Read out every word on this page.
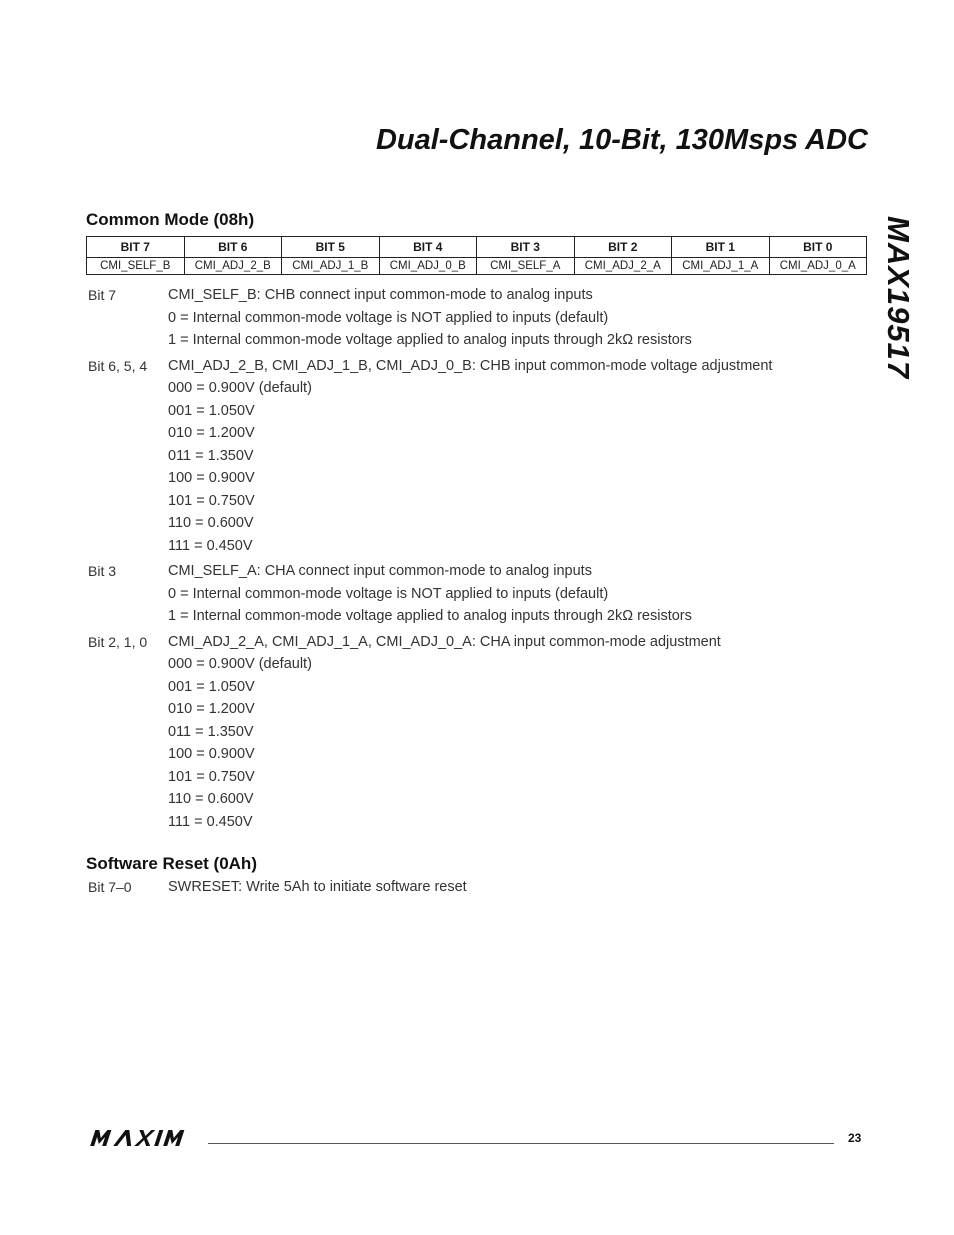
Dual-Channel, 10-Bit, 130Msps ADC
MAX19517
Common Mode (08h)
BIT 7	BIT 6	BIT 5	BIT 4	BIT 3	BIT 2	BIT 1	BIT 0
CMI_SELF_B	CMI_ADJ_2_B	CMI_ADJ_1_B	CMI_ADJ_0_B	CMI_SELF_A	CMI_ADJ_2_A	CMI_ADJ_1_A	CMI_ADJ_0_A
Bit 7	CMI_SELF_B: CHB connect input common-mode to analog inputs
0 = Internal common-mode voltage is NOT applied to inputs (default)
1 = Internal common-mode voltage applied to analog inputs through 2kΩ resistors
Bit 6, 5, 4 CMI_ADJ_2_B, CMI_ADJ_1_B, CMI_ADJ_0_B: CHB input common-mode voltage adjustment
000 = 0.900V (default)
001 = 1.050V
010 = 1.200V
011 = 1.350V
100 = 0.900V
101 = 0.750V
110 = 0.600V
111 = 0.450V
Bit 3	CMI_SELF_A: CHA connect input common-mode to analog inputs
0 = Internal common-mode voltage is NOT applied to inputs (default)
1 = Internal common-mode voltage applied to analog inputs through 2kΩ resistors
Bit 2, 1, 0 CMI_ADJ_2_A, CMI_ADJ_1_A, CMI_ADJ_0_A: CHA input common-mode adjustment
000 = 0.900V (default)
001 = 1.050V
010 = 1.200V
011 = 1.350V
100 = 0.900V
101 = 0.750V
110 = 0.600V
111 = 0.450V
Software Reset (0Ah)
Bit 7–0	SWRESET: Write 5Ah to initiate software reset
23
